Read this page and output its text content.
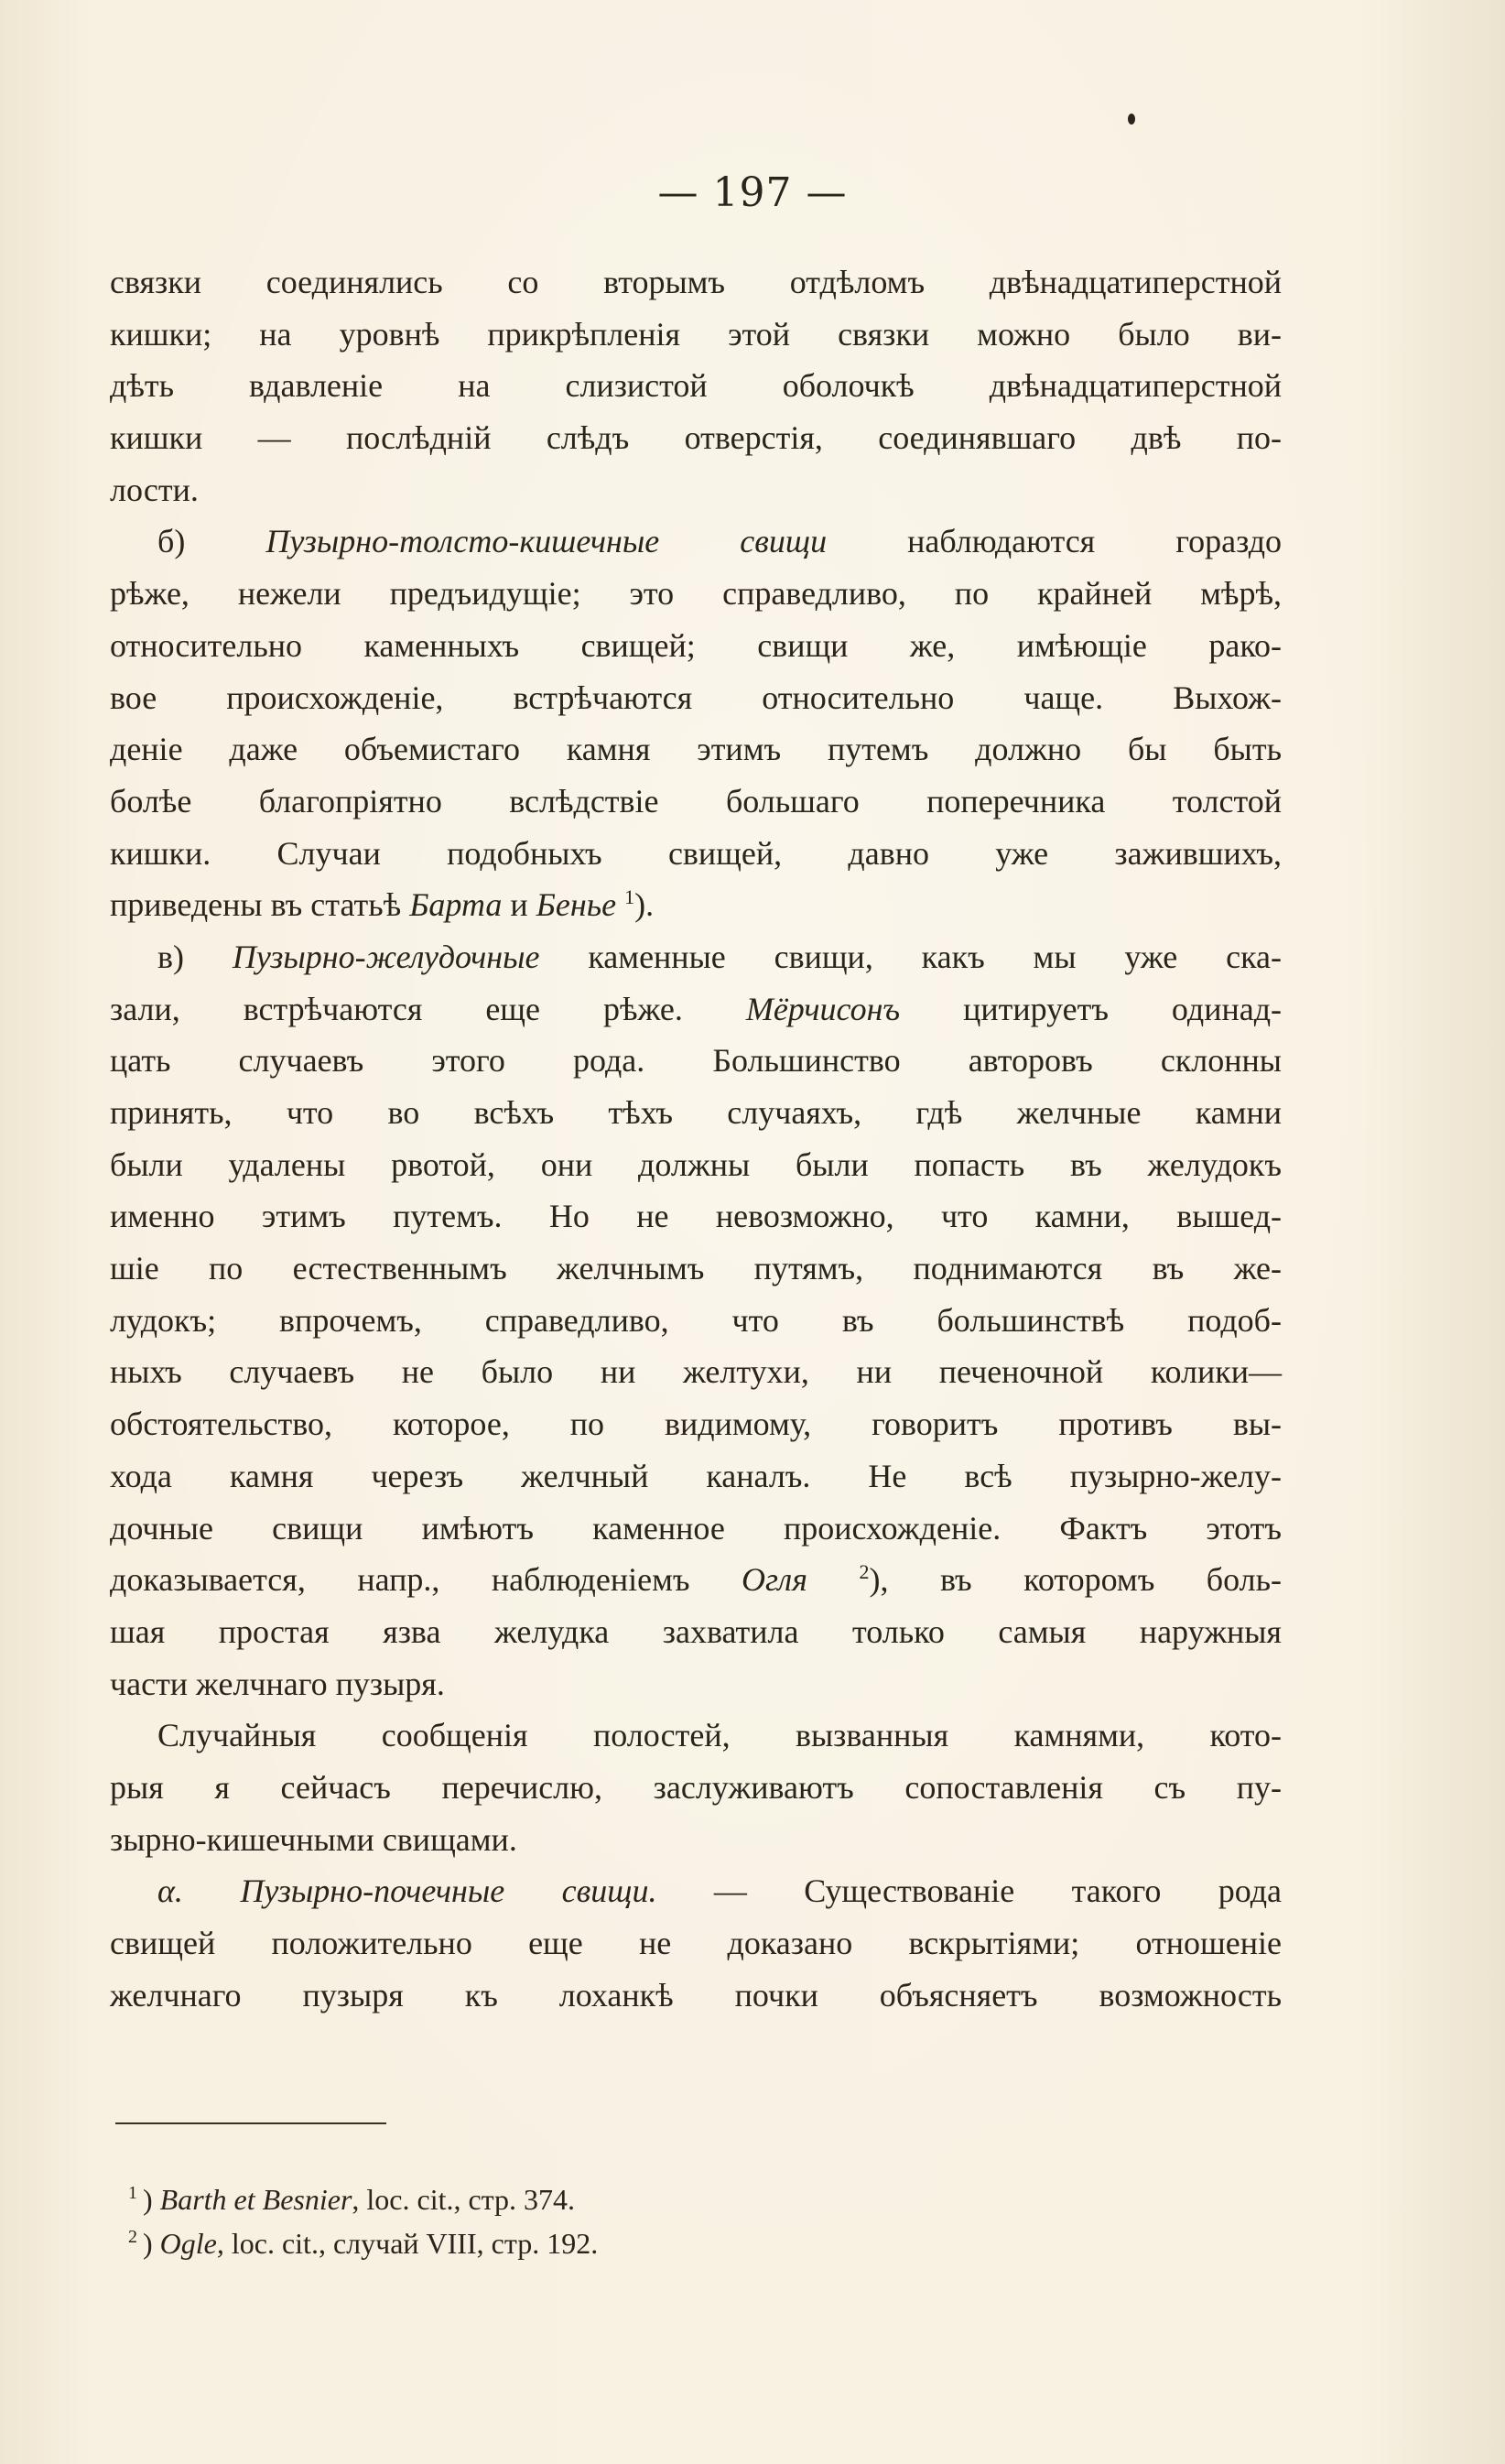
— 197 —
связки соединялись со вторымъ отдѣломъ двѣнадцатиперстной
кишки; на уровнѣ прикрѣпленія этой связки можно было ви-
дѣть вдавленіе на слизистой оболочкѣ двѣнадцатиперстной
кишки — послѣдній слѣдъ отверстія, соединявшаго двѣ по-
лости.
б) Пузырно-толсто-кишечные свищи наблюдаются гораздо
рѣже, нежели предъидущіе; это справедливо, по крайней мѣрѣ,
относительно каменныхъ свищей; свищи же, имѣющіе рако-
вое происхожденіе, встрѣчаются относительно чаще. Выхож-
деніе даже объемистаго камня этимъ путемъ должно бы быть
болѣе благопріятно вслѣдствіе большаго поперечника толстой
кишки. Случаи подобныхъ свищей, давно уже зажившихъ,
приведены въ статьѣ Барта и Бенье $^1$).
в) Пузырно-желудочные каменные свищи, какъ мы уже ска-
зали, встрѣчаются еще рѣже. Мёрчисонъ цитируетъ одинад-
цать случаевъ этого рода. Большинство авторовъ склонны
принять, что во всѣхъ тѣхъ случаяхъ, гдѣ желчные камни
были удалены рвотой, они должны были попасть въ желудокъ
именно этимъ путемъ. Но не невозможно, что камни, вышед-
шіе по естественнымъ желчнымъ путямъ, поднимаются въ же-
лудокъ; впрочемъ, справедливо, что въ большинствѣ подоб-
ныхъ случаевъ не было ни желтухи, ни печеночной колики—
обстоятельство, которое, по видимому, говоритъ противъ вы-
хода камня черезъ желчный каналъ. Не всѣ пузырно-желу-
дочные свищи имѣютъ каменное происхожденіе. Фактъ этотъ
доказывается, напр., наблюденіемъ Огля	$^2$), въ которомъ боль-
шая простая язва желудка захватила только самыя наружныя
части желчнаго пузыря.
Случайныя сообщенія полостей, вызванныя камнями, кото-
рыя я сейчасъ перечислю, заслуживаютъ сопоставленія съ пу-
зырно-кишечными свищами.
α. Пузырно-почечные свищи. — Существованіе такого рода
свищей положительно еще не доказано вскрытіями; отношеніе
желчнаго пузыря къ лоханкѣ почки объясняетъ возможность
$^1$ ) Barth et Besnier, loc. cit., стр. 374.
$^2$ ) Ogle, loc. cit., случай VIII, стр. 192.
